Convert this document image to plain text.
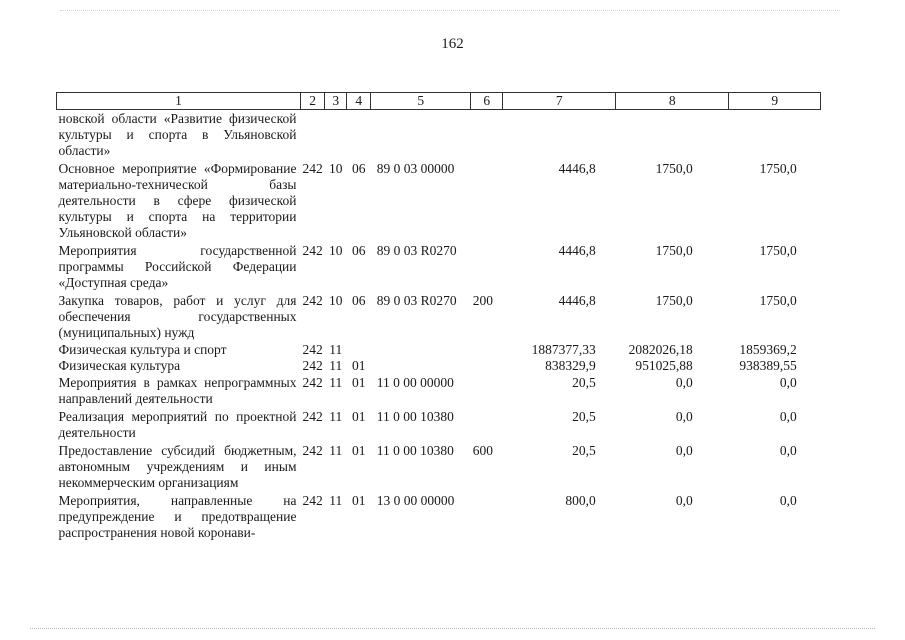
162
1	2	3	4	5	6	7	8	9
новской области «Развитие физической культуры и спорта в Ульяновской области»								
Основное мероприятие «Формирование материально-технической базы деятельности в сфере физической культуры и спорта на территории Ульяновской области»	242	10	06	89 0 03 00000		4446,8	1750,0	1750,0
Мероприятия государственной программы Российской Федерации «Доступная среда»	242	10	06	89 0 03 R0270		4446,8	1750,0	1750,0
Закупка товаров, работ и услуг для обеспечения государственных (муниципальных) нужд	242	10	06	89 0 03 R0270	200	4446,8	1750,0	1750,0
Физическая культура и спорт	242	11				1887377,33	2082026,18	1859369,2
Физическая культура	242	11	01			838329,9	951025,88	938389,55
Мероприятия в рамках непрограммных направлений деятельности	242	11	01	11 0 00 00000		20,5	0,0	0,0
Реализация мероприятий по проектной деятельности	242	11	01	11 0 00 10380		20,5	0,0	0,0
Предоставление субсидий бюджетным, автономным учреждениям и иным некоммерческим организациям	242	11	01	11 0 00 10380	600	20,5	0,0	0,0
Мероприятия, направленные на предупреждение и предотвращение распространения новой коронави-	242	11	01	13 0 00 00000		800,0	0,0	0,0
